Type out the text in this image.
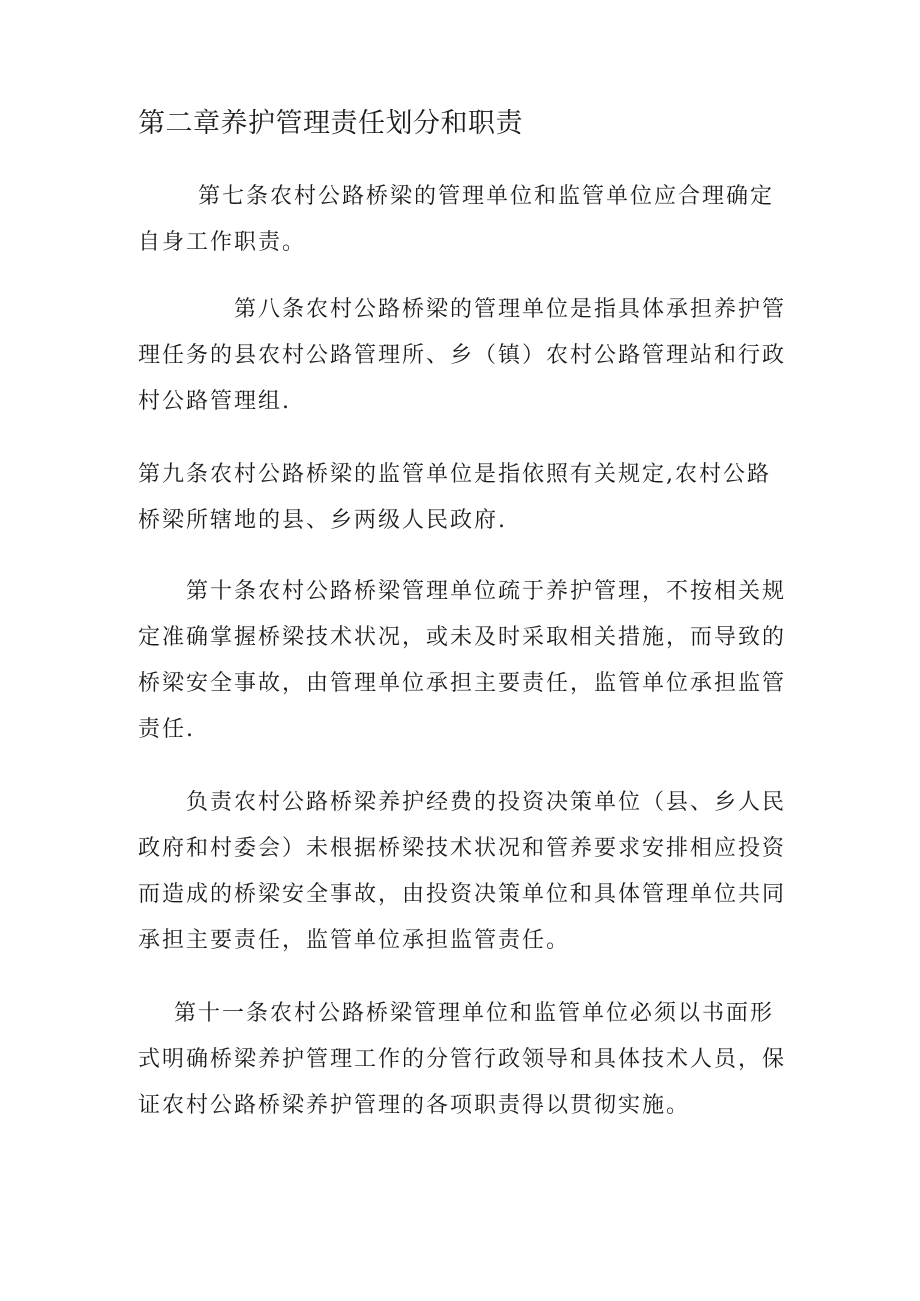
第二章养护管理责任划分和职责
第七条农村公路桥梁的管理单位和监管单位应合理确定
自身工作职责。
第八条农村公路桥梁的管理单位是指具体承担养护管
理任务的县农村公路管理所、乡（镇）农村公路管理站和行政
村公路管理组.
第九条农村公路桥梁的监管单位是指依照有关规定,农村公路
桥梁所辖地的县、乡两级人民政府.
第十条农村公路桥梁管理单位疏于养护管理，不按相关规
定准确掌握桥梁技术状况，或未及时采取相关措施，而导致的
桥梁安全事故，由管理单位承担主要责任，监管单位承担监管
责任.
负责农村公路桥梁养护经费的投资决策单位（县、乡人民
政府和村委会）未根据桥梁技术状况和管养要求安排相应投资
而造成的桥梁安全事故，由投资决策单位和具体管理单位共同
承担主要责任，监管单位承担监管责任。
第十一条农村公路桥梁管理单位和监管单位必须以书面形
式明确桥梁养护管理工作的分管行政领导和具体技术人员，保
证农村公路桥梁养护管理的各项职责得以贯彻实施。
